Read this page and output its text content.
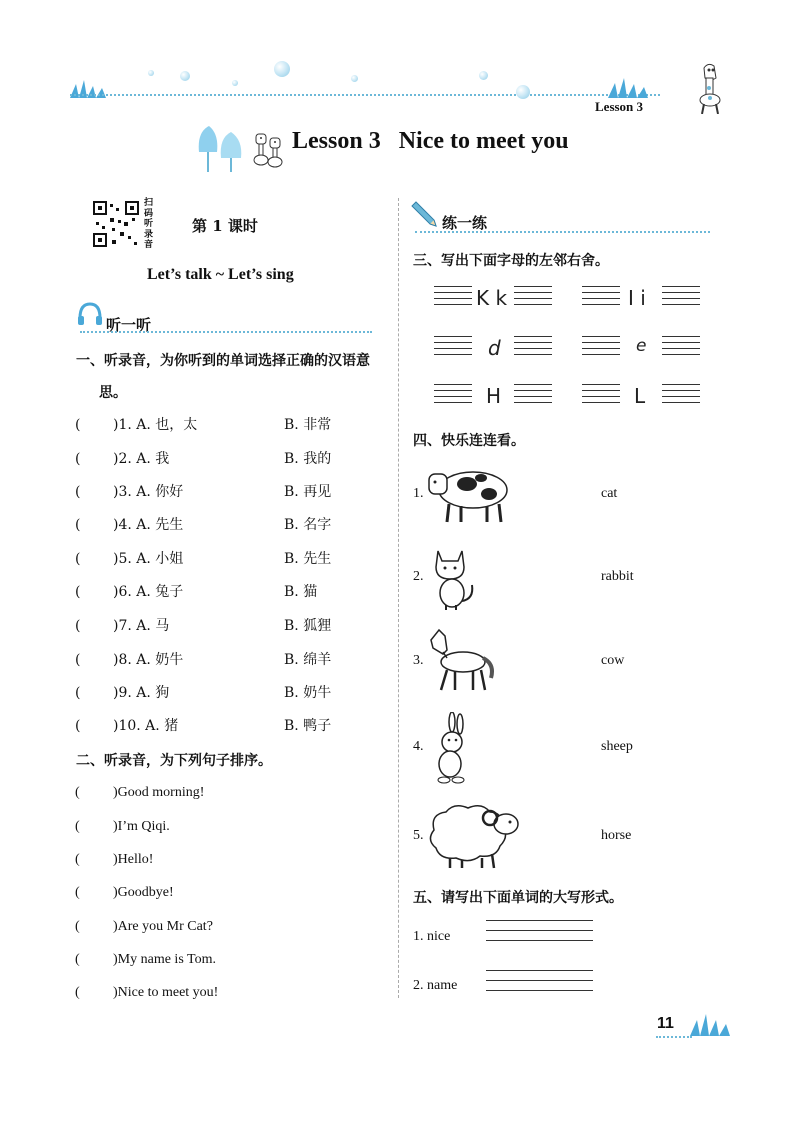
Lesson 3
Lesson 3   Nice to meet you
扫
码
听
录
音
第 1 课时
Let’s talk ~ Let’s sing
听一听
一、听录音，为你听到的单词选择正确的汉语意
思。
( )1. A. 也，太	B. 非常
( )2. A. 我	B. 我的
( )3. A. 你好	B. 再见
( )4. A. 先生	B. 名字
( )5. A. 小姐	B. 先生
( )6. A. 兔子	B. 猫
( )7. A. 马	B. 狐狸
( )8. A. 奶牛	B. 绵羊
( )9. A. 狗	B. 奶牛
( )10. A. 猪	B. 鸭子
二、听录音，为下列句子排序。
( )Good morning!
( )I’m Qiqi.
( )Hello!
( )Goodbye!
( )Are you Mr Cat?
( )My name is Tom.
( )Nice to meet you!
练一练
三、写出下面字母的左邻右舍。
K k	I i
d	e
H	L
四、快乐连连看。
1.	cat
2.	rabbit
3.	cow
4.	sheep
5.	horse
五、请写出下面单词的大写形式。
1. nice
2. name
11
